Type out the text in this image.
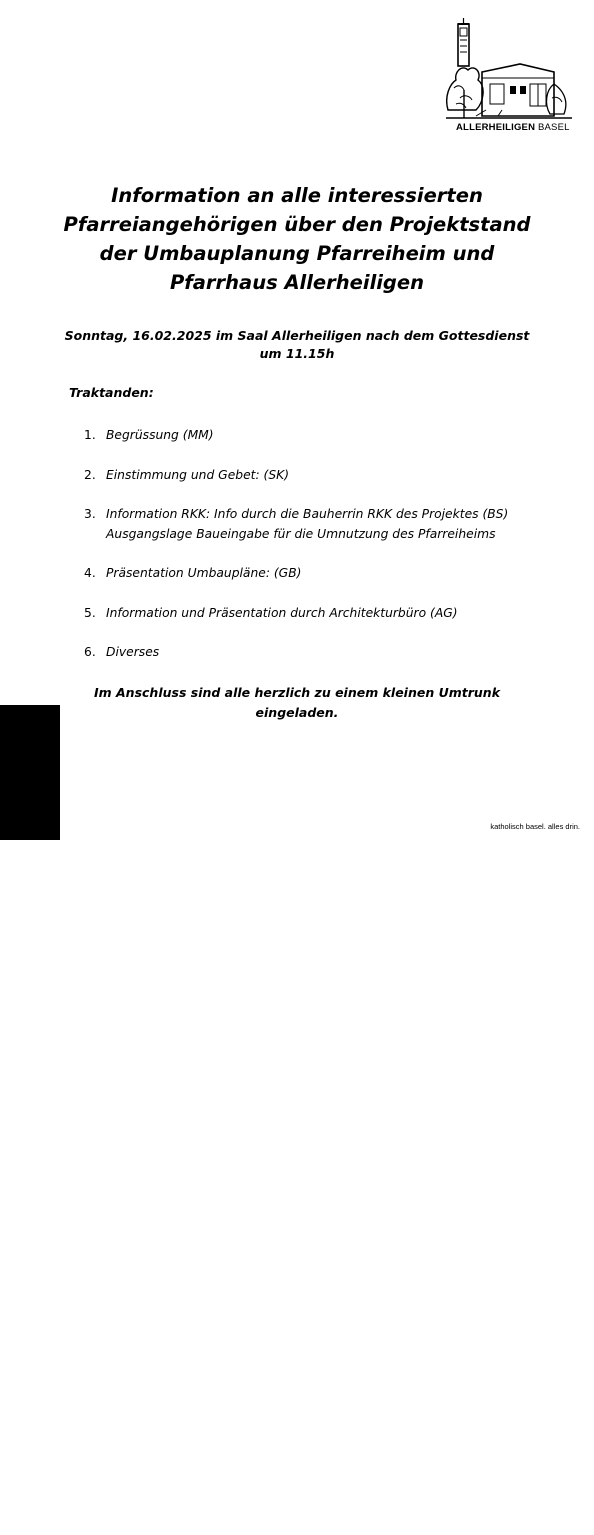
ALLERHEILIGEN BASEL
Information an alle interessierten
Pfarreiangehörigen über den Projektstand
der Umbauplanung Pfarreiheim und
Pfarrhaus Allerheiligen
Sonntag, 16.02.2025 im Saal Allerheiligen nach dem Gottesdienst
um 11.15h
Traktanden:
1. Begrüssung (MM)
2. Einstimmung und Gebet: (SK)
3. Information RKK: Info durch die Bauherrin RKK des Projektes (BS)
Ausgangslage Baueingabe für die Umnutzung des Pfarreiheims
4. Präsentation Umbaupläne: (GB)
5. Information und Präsentation durch Architekturbüro (AG)
6. Diverses
Im Anschluss sind alle herzlich zu einem kleinen Umtrunk
eingeladen.
RKK
Römisch- Katholische Kirche in Basel-Stadt
katholisch basel. alles drin.
